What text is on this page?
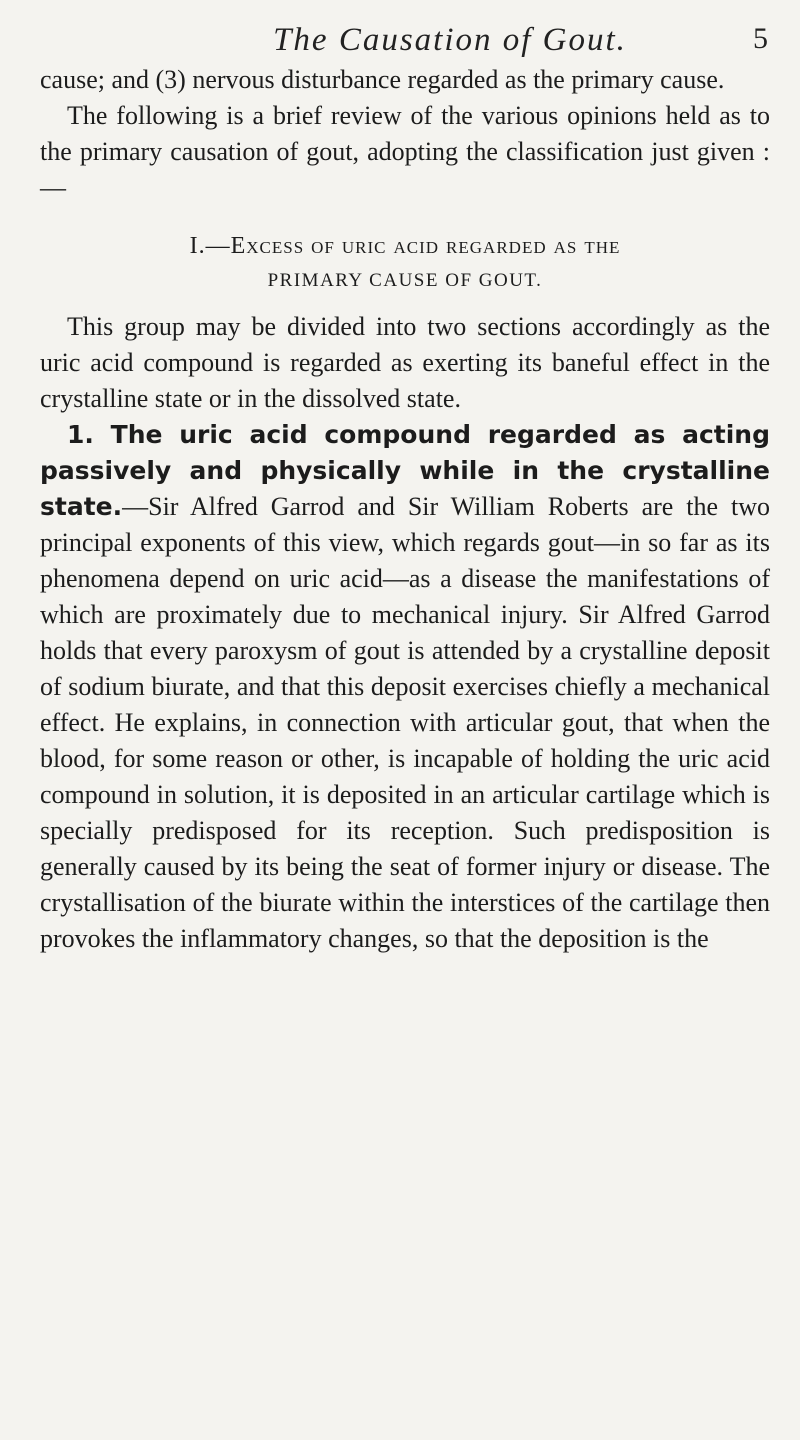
The Causation of Gout.	5

cause; and (3) nervous disturbance regarded as the primary cause.

The following is a brief review of the various opinions held as to the primary causation of gout, adopting the classification just given :—

I.—Excess of uric acid regarded as the
PRIMARY CAUSE OF GOUT.

This group may be divided into two sections accordingly as the uric acid compound is regarded as exerting its baneful effect in the crystalline state or in the dissolved state.

1. The uric acid compound regarded as acting passively and physically while in the crystalline state.—Sir Alfred Garrod and Sir William Roberts are the two principal exponents of this view, which regards gout—in so far as its phenomena depend on uric acid—as a disease the manifestations of which are proximately due to mechanical injury. Sir Alfred Garrod holds that every paroxysm of gout is attended by a crystalline deposit of sodium biurate, and that this deposit exercises chiefly a mechanical effect. He explains, in connection with articular gout, that when the blood, for some reason or other, is incapable of holding the uric acid compound in solution, it is deposited in an articular cartilage which is specially predisposed for its reception. Such predisposition is generally caused by its being the seat of former injury or disease. The crystallisation of the biurate within the interstices of the cartilage then provokes the inflammatory changes, so that the deposition is the
